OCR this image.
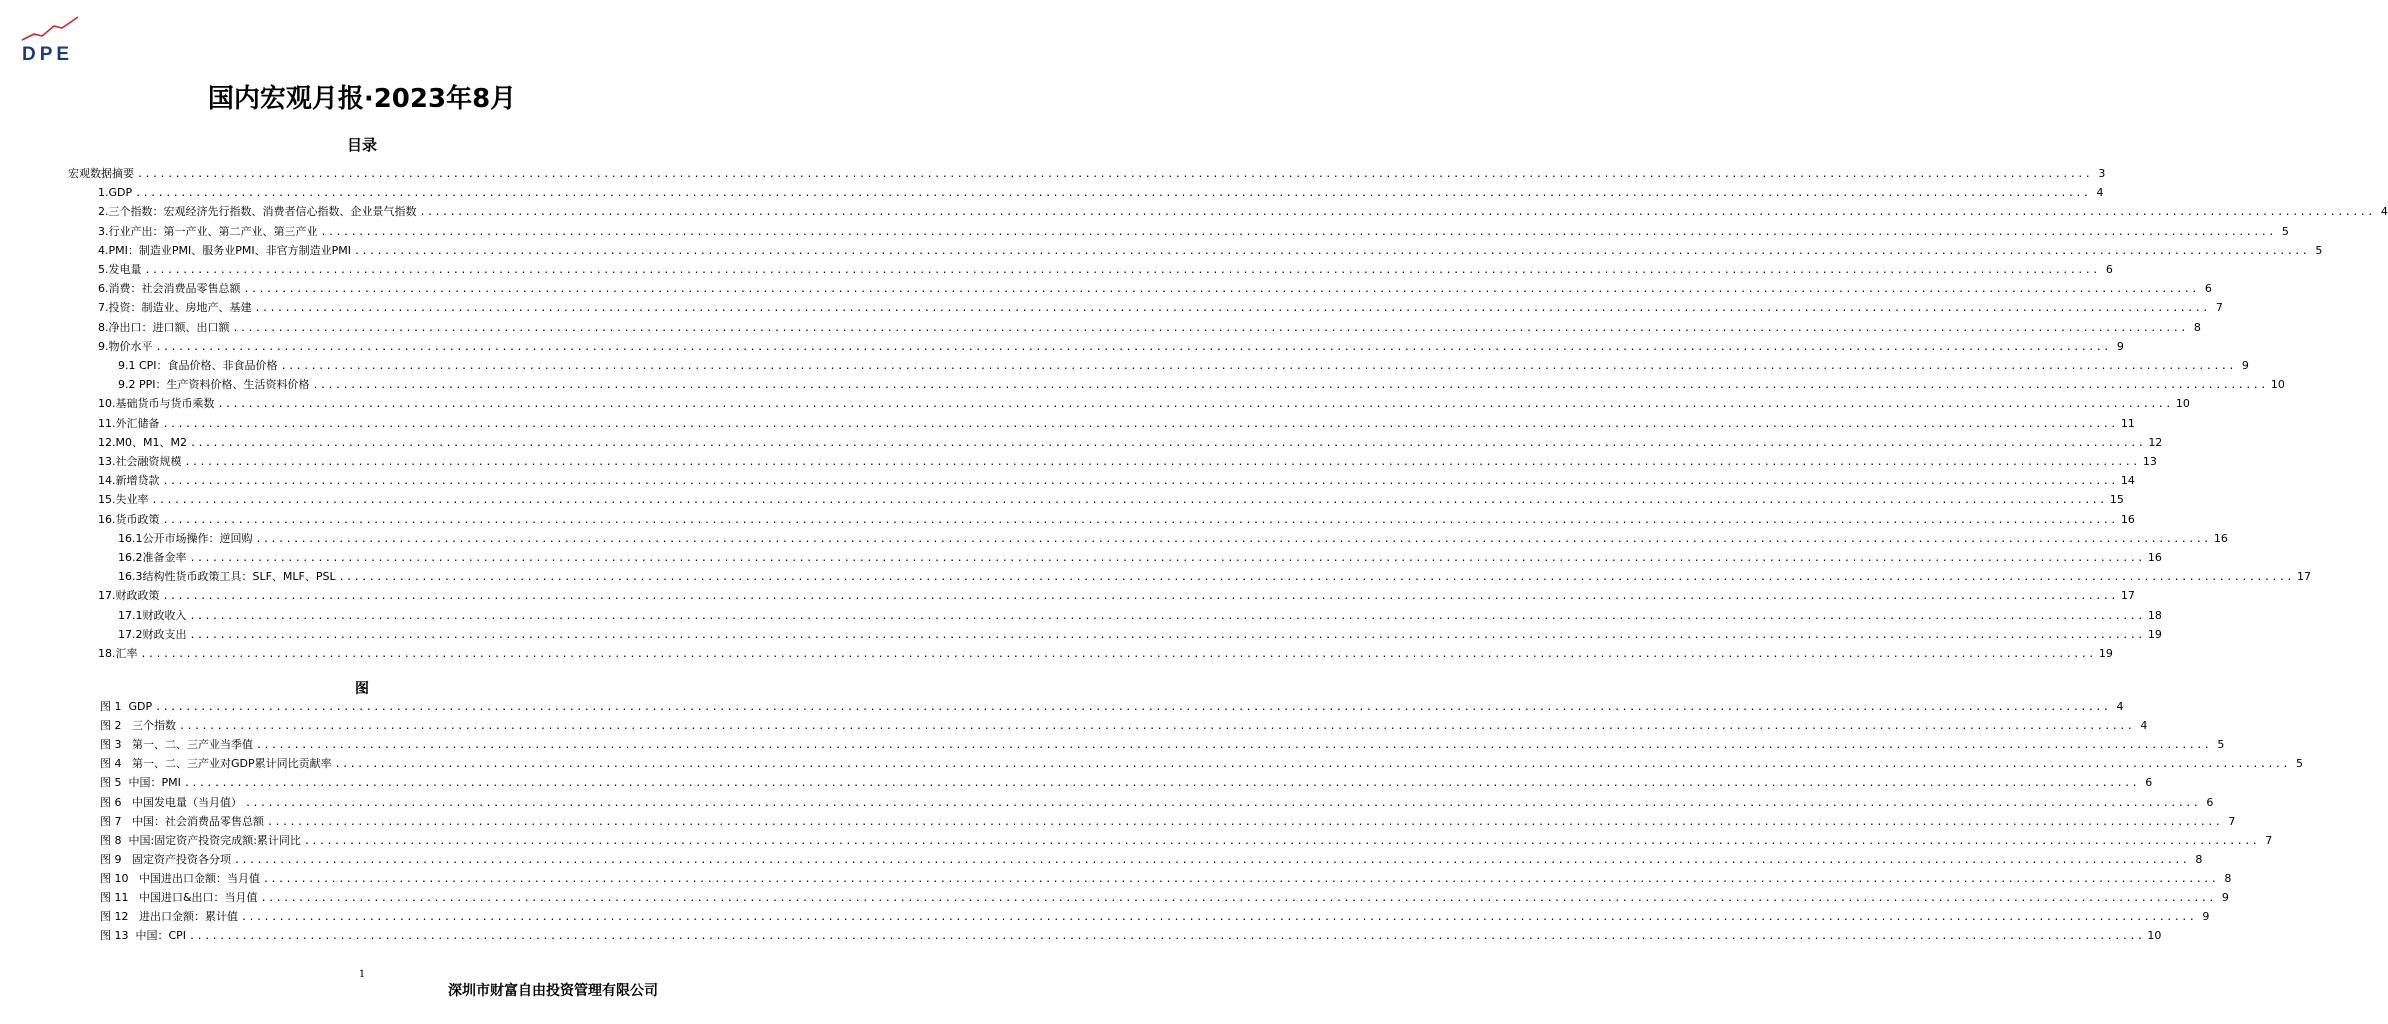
DPE
国内宏观月报·2023年8月
目录
宏观数据摘要 .................................................................................................................................................................................................................................................................... 3
1.GDP .................................................................................................................................................................................................................................................................... 4
2.三个指数：宏观经济先行指数、消费者信心指数、企业景气指数 .................................................................................................................................................................................................................................................................... 4
3.行业产出：第一产业、第二产业、第三产业 .................................................................................................................................................................................................................................................................... 5
4.PMI：制造业PMI、服务业PMI、非官方制造业PMI .................................................................................................................................................................................................................................................................... 5
5.发电量 .................................................................................................................................................................................................................................................................... 6
6.消费：社会消费品零售总额 .................................................................................................................................................................................................................................................................... 6
7.投资：制造业、房地产、基建 .................................................................................................................................................................................................................................................................... 7
8.净出口：进口额、出口额 .................................................................................................................................................................................................................................................................... 8
9.物价水平 .................................................................................................................................................................................................................................................................... 9
9.1 CPI：食品价格、非食品价格 .................................................................................................................................................................................................................................................................... 9
9.2 PPI：生产资料价格、生活资料价格 .................................................................................................................................................................................................................................................................... 10
10.基础货币与货币乘数 .................................................................................................................................................................................................................................................................... 10
11.外汇储备 .................................................................................................................................................................................................................................................................... 11
12.M0、M1、M2 .................................................................................................................................................................................................................................................................... 12
13.社会融资规模 .................................................................................................................................................................................................................................................................... 13
14.新增贷款 .................................................................................................................................................................................................................................................................... 14
15.失业率 .................................................................................................................................................................................................................................................................... 15
16.货币政策 .................................................................................................................................................................................................................................................................... 16
16.1公开市场操作：逆回购 .................................................................................................................................................................................................................................................................... 16
16.2准备金率 .................................................................................................................................................................................................................................................................... 16
16.3结构性货币政策工具：SLF、MLF、PSL .................................................................................................................................................................................................................................................................... 17
17.财政政策 .................................................................................................................................................................................................................................................................... 17
17.1财政收入 .................................................................................................................................................................................................................................................................... 18
17.2财政支出 .................................................................................................................................................................................................................................................................... 19
18.汇率 .................................................................................................................................................................................................................................................................... 19
图
图 1  GDP .................................................................................................................................................................................................................................................................... 4
图 2   三个指数 .................................................................................................................................................................................................................................................................... 4
图 3   第一、二、三产业当季值 .................................................................................................................................................................................................................................................................... 5
图 4   第一、二、三产业对GDP累计同比贡献率 .................................................................................................................................................................................................................................................................... 5
图 5  中国：PMI .................................................................................................................................................................................................................................................................... 6
图 6   中国发电量（当月值） .................................................................................................................................................................................................................................................................... 6
图 7   中国：社会消费品零售总额 .................................................................................................................................................................................................................................................................... 7
图 8  中国:固定资产投资完成额:累计同比 .................................................................................................................................................................................................................................................................... 7
图 9   固定资产投资各分项 .................................................................................................................................................................................................................................................................... 8
图 10   中国进出口金额：当月值 .................................................................................................................................................................................................................................................................... 8
图 11   中国进口&出口：当月值 .................................................................................................................................................................................................................................................................... 9
图 12   进出口金额：累计值 .................................................................................................................................................................................................................................................................... 9
图 13  中国：CPI .................................................................................................................................................................................................................................................................... 10
1
深圳市财富自由投资管理有限公司
